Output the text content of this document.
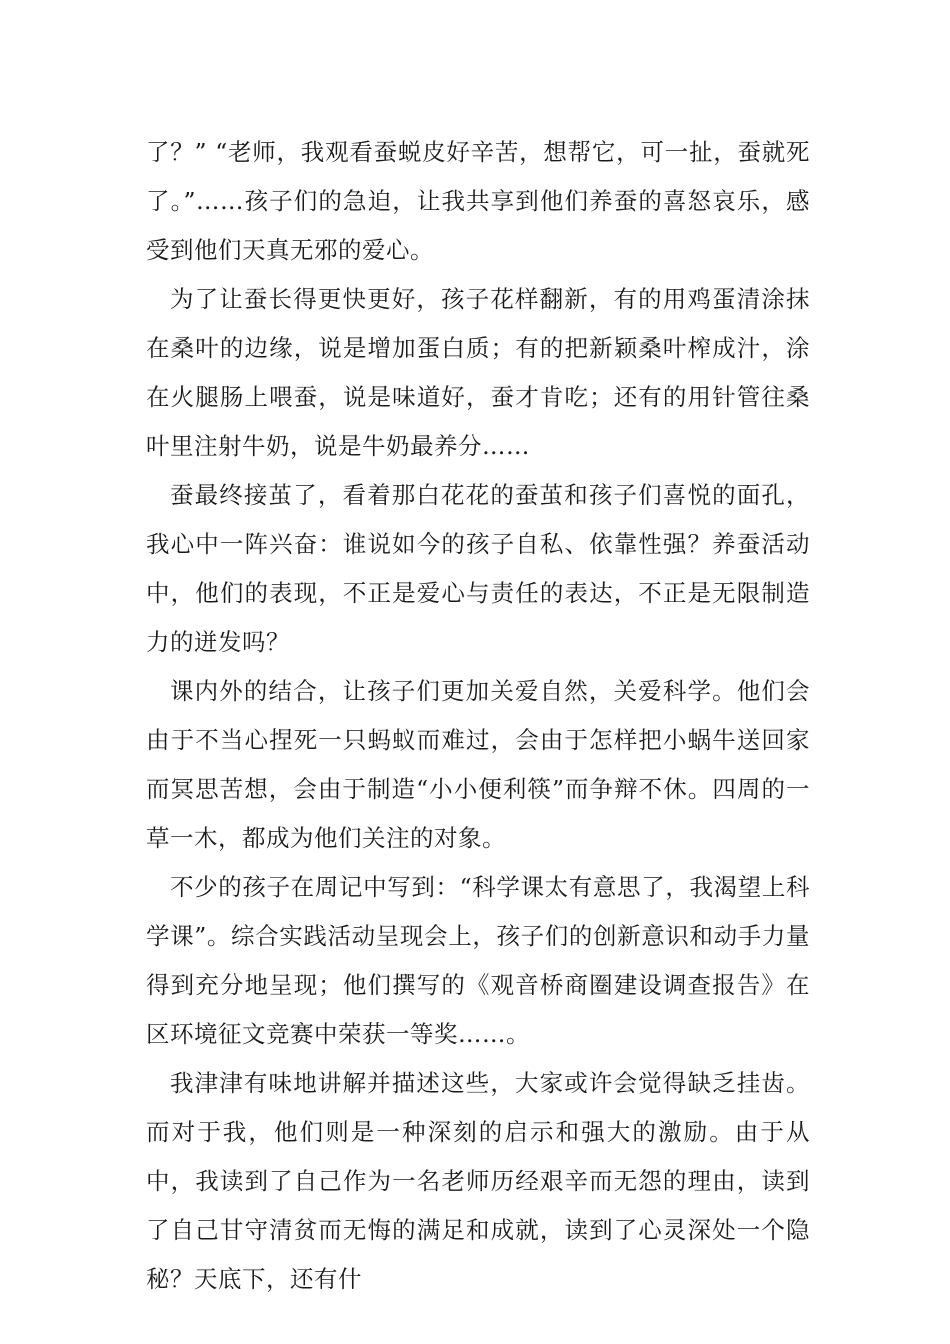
了？” “老师，我观看蚕蜕皮好辛苦，想帮它，可一扯，蚕就死了。”……孩子们的急迫，让我共享到他们养蚕的喜怒哀乐，感受到他们天真无邪的爱心。

为了让蚕长得更快更好，孩子花样翻新，有的用鸡蛋清涂抹在桑叶的边缘，说是增加蛋白质；有的把新颖桑叶榨成汁，涂在火腿肠上喂蚕，说是味道好，蚕才肯吃；还有的用针管往桑叶里注射牛奶，说是牛奶最养分……

蚕最终接茧了，看着那白花花的蚕茧和孩子们喜悦的面孔，我心中一阵兴奋：谁说如今的孩子自私、依靠性强？养蚕活动中，他们的表现，不正是爱心与责任的表达，不正是无限制造力的迸发吗？

课内外的结合，让孩子们更加关爱自然，关爱科学。他们会由于不当心捏死一只蚂蚁而难过，会由于怎样把小蜗牛送回家而冥思苦想，会由于制造“小小便利筷”而争辩不休。四周的一草一木，都成为他们关注的对象。

不少的孩子在周记中写到：“科学课太有意思了，我渴望上科学课”。综合实践活动呈现会上，孩子们的创新意识和动手力量得到充分地呈现；他们撰写的《观音桥商圈建设调查报告》在区环境征文竞赛中荣获一等奖……。

我津津有味地讲解并描述这些，大家或许会觉得缺乏挂齿。而对于我，他们则是一种深刻的启示和强大的激励。由于从中，我读到了自己作为一名老师历经艰辛而无怨的理由，读到了自己甘守清贫而无悔的满足和成就，读到了心灵深处一个隐秘？天底下，还有什
